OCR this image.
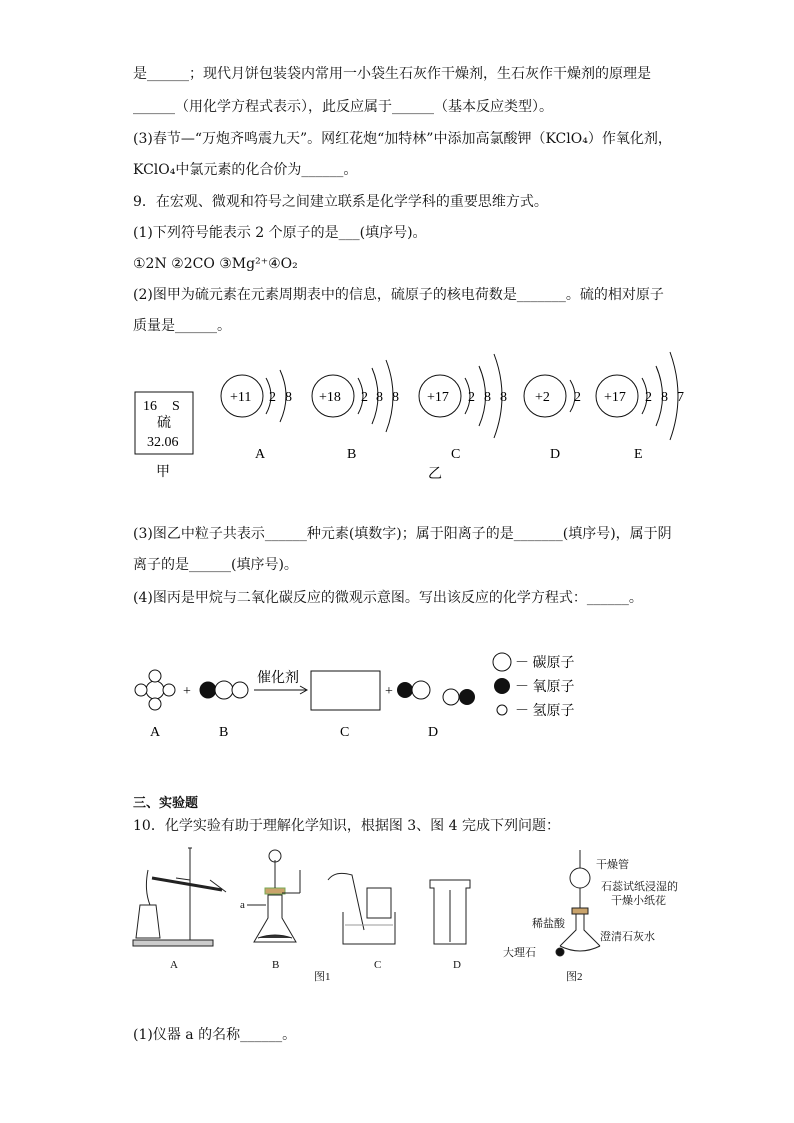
是______；现代月饼包装袋内常用一小袋生石灰作干燥剂，生石灰作干燥剂的原理是
______（用化学方程式表示），此反应属于______（基本反应类型）。
(3)春节—“万炮齐鸣震九天”。网红花炮“加特林”中添加高氯酸钾（KClO₄）作氧化剂，
KClO₄中氯元素的化合价为______。
9．在宏观、微观和符号之间建立联系是化学学科的重要思维方式。
(1)下列符号能表示 2 个原子的是___(填序号)。
①2N ②2CO ③Mg²⁺④O₂
(2)图甲为硫元素在元素周期表中的信息，硫原子的核电荷数是_______。硫的相对原子
质量是______。
(3)图乙中粒子共表示______种元素(填数字)；属于阳离子的是_______(填序号)，属于阴
离子的是______(填序号)。
(4)图丙是甲烷与二氧化碳反应的微观示意图。写出该反应的化学方程式：______。
三、实验题
10．化学实验有助于理解化学知识，根据图 3、图 4 完成下列问题：
(1)仪器 a 的名称______。
16 S
硫
32.06
甲
+11 2 8
A
+18 2 8 8
B
+17 2 8 8
C
乙
+2 2
D
+17 2 8 7
E
+
催化剂
+
A	B	C	D
－ 碳原子
－ 氧原子
－ 氢原子
a
A	B	C	D
图1
干燥管
石蕊试纸浸湿的
干燥小纸花
稀盐酸
澄清石灰水
大理石
图2
